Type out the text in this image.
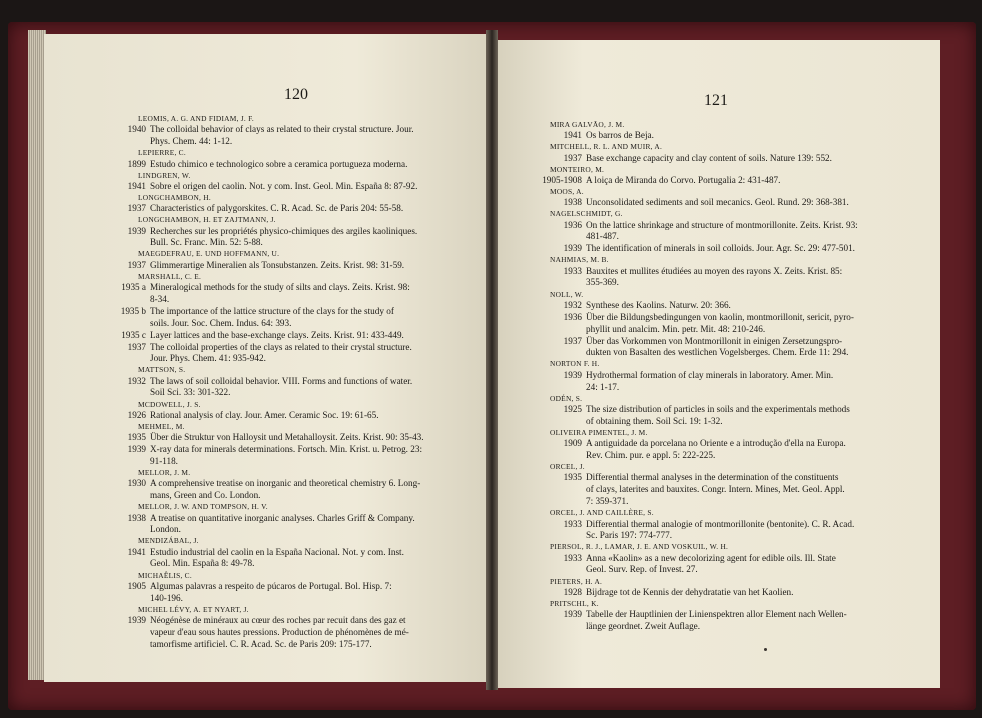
120
LEOMIS, A. G. AND FIDIAM, J. F.
1940 The colloidal behavior of clays as related to their crystal structure. Jour.
Phys. Chem. 44: 1-12.
LEPIERRE, C.
1899 Estudo chimico e technologico sobre a ceramica portugueza moderna.
LINDGREN, W.
1941 Sobre el origen del caolin. Not. y com. Inst. Geol. Min. España 8: 87-92.
LONGCHAMBON, H.
1937 Characteristics of palygorskites. C. R. Acad. Sc. de Paris 204: 55-58.
LONGCHAMBON, H. ET ZAJTMANN, J.
1939 Recherches sur les propriétés physico-chimiques des argiles kaoliniques.
Bull. Sc. Franc. Min. 52: 5-88.
MAEGDEFRAU, E. UND HOFFMANN, U.
1937 Glimmerartige Mineralien als Tonsubstanzen. Zeits. Krist. 98: 31-59.
MARSHALL, C. E.
1935 a Mineralogical methods for the study of silts and clays. Zeits. Krist. 98:
8-34.
1935 b The importance of the lattice structure of the clays for the study of
soils. Jour. Soc. Chem. Indus. 64: 393.
1935 c Layer lattices and the base-exchange clays. Zeits. Krist. 91: 433-449.
1937 The colloidal properties of the clays as related to their crystal structure.
Jour. Phys. Chem. 41: 935-942.
MATTSON, S.
1932 The laws of soil colloidal behavior. VIII. Forms and functions of water.
Soil Sci. 33: 301-322.
MCDOWELL, J. S.
1926 Rational analysis of clay. Jour. Amer. Ceramic Soc. 19: 61-65.
MEHMEL, M.
1935 Über die Struktur von Halloysit und Metahalloysit. Zeits. Krist. 90: 35-43.
1939 X-ray data for minerals determinations. Fortsch. Min. Krist. u. Petrog. 23:
91-118.
MELLOR, J. M.
1930 A comprehensive treatise on inorganic and theoretical chemistry 6. Long-
mans, Green and Co. London.
MELLOR, J. W. AND TOMPSON, H. V.
1938 A treatise on quantitative inorganic analyses. Charles Griff & Company.
London.
MENDIZÁBAL, J.
1941 Estudio industrial del caolin en la España Nacional. Not. y com. Inst.
Geol. Min. España 8: 49-78.
MICHAÊLIS, C.
1905 Algumas palavras a respeito de púcaros de Portugal. Bol. Hisp. 7:
140-196.
MICHEL LÉVY, A. ET NYART, J.
1939 Néogénèse de minéraux au cœur des roches par recuit dans des gaz et
vapeur d'eau sous hautes pressions. Production de phénomènes de mé-
tamorfisme artificiel. C. R. Acad. Sc. de Paris 209: 175-177.
121
MIRA GALVÃO, J. M.
1941 Os barros de Beja.
MITCHELL, R. L. AND MUIR, A.
1937 Base exchange capacity and clay content of soils. Nature 139: 552.
MONTEIRO, M.
1905-1908 A loiça de Miranda do Corvo. Portugalia 2: 431-487.
MOOS, A.
1938 Unconsolidated sediments and soil mecanics. Geol. Rund. 29: 368-381.
NAGELSCHMIDT, G.
1936 On the lattice shrinkage and structure of montmorillonite. Zeits. Krist. 93:
481-487.
1939 The identification of minerals in soil colloids. Jour. Agr. Sc. 29: 477-501.
NAHMIAS, M. B.
1933 Bauxites et mullites étudiées au moyen des rayons X. Zeits. Krist. 85:
355-369.
NOLL, W.
1932 Synthese des Kaolins. Naturw. 20: 366.
1936 Über die Bildungsbedingungen von kaolin, montmorillonit, sericit, pyro-
phyllit und analcim. Min. petr. Mit. 48: 210-246.
1937 Über das Vorkommen von Montmorillonit in einigen Zersetzungspro-
dukten von Basalten des westlichen Vogelsberges. Chem. Erde 11: 294.
NORTON F. H.
1939 Hydrothermal formation of clay minerals in laboratory. Amer. Min.
24: 1-17.
ODÉN, S.
1925 The size distribution of particles in soils and the experimentals methods
of obtaining them. Soil Sci. 19: 1-32.
OLIVEIRA PIMENTEL, J. M.
1909 A antiguidade da porcelana no Oriente e a introdução d'ella na Europa.
Rev. Chim. pur. e appl. 5: 222-225.
ORCEL, J.
1935 Differential thermal analyses in the determination of the constituents
of clays, laterites and bauxites. Congr. Intern. Mines, Met. Geol. Appl.
7: 359-371.
ORCEL, J. AND CAILLÈRE, S.
1933 Differential thermal analogie of montmorillonite (bentonite). C. R. Acad.
Sc. Paris 197: 774-777.
PIERSOL, R. J., LAMAR, J. E. AND VOSKUIL, W. H.
1933 Anna «Kaolin» as a new decolorizing agent for edible oils. Ill. State
Geol. Surv. Rep. of Invest. 27.
PIETERS, H. A.
1928 Bijdrage tot de Kennis der dehydratatie van het Kaolien.
PRITSCHL, K.
1939 Tabelle der Hauptlinien der Linienspektren allor Element nach Wellen-
länge geordnet. Zweit Auflage.
